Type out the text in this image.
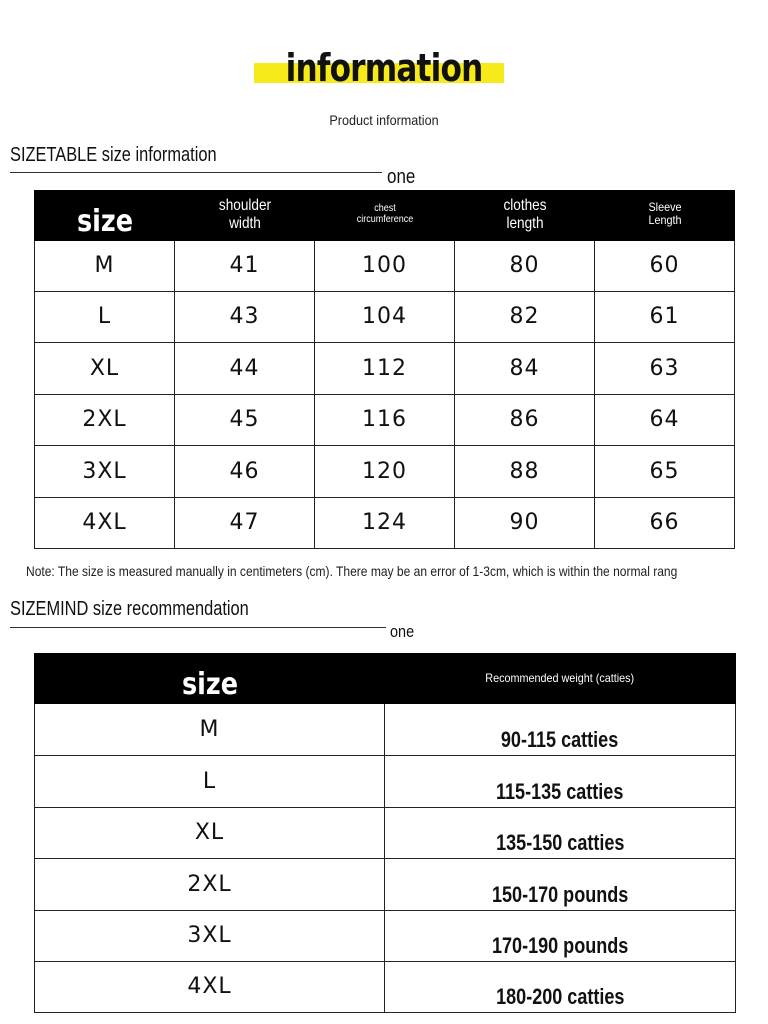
information
Product information
SIZETABLE size information
one
size	shoulder width	chest circumference	clothes length	Sleeve Length
M	41	100	80	60
L	43	104	82	61
XL	44	112	84	63
2XL	45	116	86	64
3XL	46	120	88	65
4XL	47	124	90	66
Note: The size is measured manually in centimeters (cm). There may be an error of 1-3cm, which is within the normal rang
SIZEMIND size recommendation
one
size	Recommended weight (catties)
M	90-115 catties
L	115-135 catties
XL	135-150 catties
2XL	150-170 pounds
3XL	170-190 pounds
4XL	180-200 catties
